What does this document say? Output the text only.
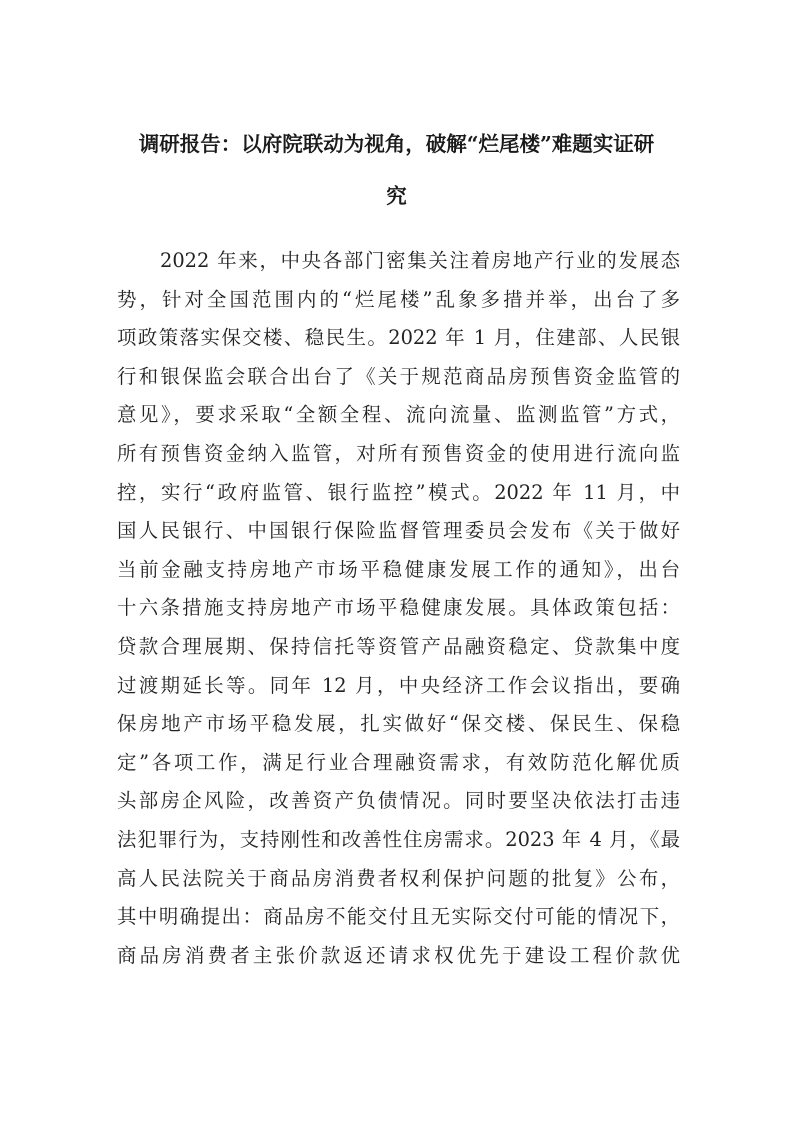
调研报告：以府院联动为视角，破解“烂尾楼”难题实证研
究
2022 年来，中央各部门密集关注着房地产行业的发展态
势，针对全国范围内的“烂尾楼”乱象多措并举，出台了多
项政策落实保交楼、稳民生。2022 年 1 月，住建部、人民银
行和银保监会联合出台了《关于规范商品房预售资金监管的
意见》，要求采取“全额全程、流向流量、监测监管”方式，
所有预售资金纳入监管，对所有预售资金的使用进行流向监
控，实行“政府监管、银行监控”模式。2022 年 11 月，中
国人民银行、中国银行保险监督管理委员会发布《关于做好
当前金融支持房地产市场平稳健康发展工作的通知》，出台
十六条措施支持房地产市场平稳健康发展。具体政策包括：
贷款合理展期、保持信托等资管产品融资稳定、贷款集中度
过渡期延长等。同年 12 月，中央经济工作会议指出，要确
保房地产市场平稳发展，扎实做好“保交楼、保民生、保稳
定”各项工作，满足行业合理融资需求，有效防范化解优质
头部房企风险，改善资产负债情况。同时要坚决依法打击违
法犯罪行为，支持刚性和改善性住房需求。2023 年 4 月，《最
高人民法院关于商品房消费者权利保护问题的批复》公布，
其中明确提出：商品房不能交付且无实际交付可能的情况下，
商品房消费者主张价款返还请求权优先于建设工程价款优
